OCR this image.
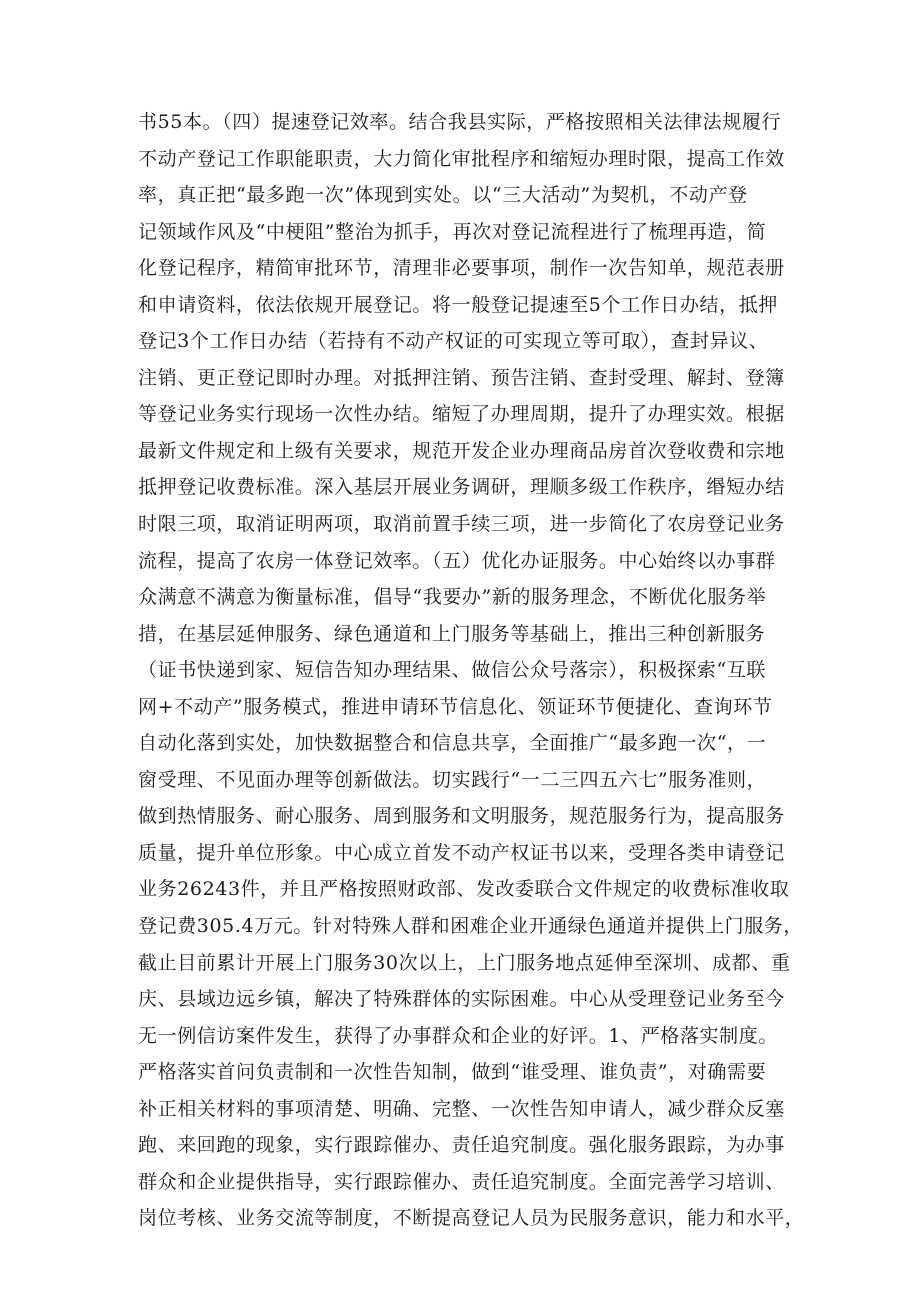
书55本。（四）提速登记效率。结合我县实际，严格按照相关法律法规履行
不动产登记工作职能职责，大力简化审批程序和缩短办理时限，提高工作效
率，真正把“最多跑一次”体现到实处。以“三大活动”为契机，不动产登
记领域作风及“中梗阻”整治为抓手，再次对登记流程进行了梳理再造，简
化登记程序，精简审批环节，清理非必要事项，制作一次告知单，规范表册
和申请资料，依法依规开展登记。将一般登记提速至5个工作日办结，抵押
登记3个工作日办结（若持有不动产权证的可实现立等可取），查封异议、
注销、更正登记即时办理。对抵押注销、预告注销、查封受理、解封、登簿
等登记业务实行现场一次性办结。缩短了办理周期，提升了办理实效。根据
最新文件规定和上级有关要求，规范开发企业办理商品房首次登收费和宗地
抵押登记收费标准。深入基层开展业务调研，理顺多级工作秩序，缗短办结
时限三项，取消证明两项，取消前置手续三项，进一步简化了农房登记业务
流程，提高了农房一体登记效率。（五）优化办证服务。中心始终以办事群
众满意不满意为衡量标准，倡导“我要办”新的服务理念，不断优化服务举
措，在基层延伸服务、绿色通道和上门服务等基础上，推出三种创新服务
（证书快递到家、短信告知办理结果、做信公众号落宗），积极探索“互联
网+不动产”服务模式，推进申请环节信息化、领证环节便捷化、查询环节
自动化落到实处，加快数据整合和信息共享，全面推广“最多跑一次“，一
窗受理、不见面办理等创新做法。切实践行“一二三四五六七”服务准则，
做到热情服务、耐心服务、周到服务和文明服务，规范服务行为，提高服务
质量，提升单位形象。中心成立首发不动产权证书以来，受理各类申请登记
业务26243件，并且严格按照财政部、发改委联合文件规定的收费标准收取
登记费305.4万元。针对特殊人群和困难企业开通绿色通道并提供上门服务，
截止目前累计开展上门服务30次以上，上门服务地点延伸至深圳、成都、重
庆、县域边远乡镇，解决了特殊群体的实际困难。中心从受理登记业务至今
无一例信访案件发生，获得了办事群众和企业的好评。1、严格落实制度。
严格落实首问负责制和一次性告知制，做到“谁受理、谁负责”，对确需要
补正相关材料的事项清楚、明确、完整、一次性告知申请人，减少群众反塞
跑、来回跑的现象，实行跟踪催办、责任追究制度。强化服务跟踪，为办事
群众和企业提供指导，实行跟踪催办、责任追究制度。全面完善学习培训、
岗位考核、业务交流等制度，不断提高登记人员为民服务意识，能力和水平，
